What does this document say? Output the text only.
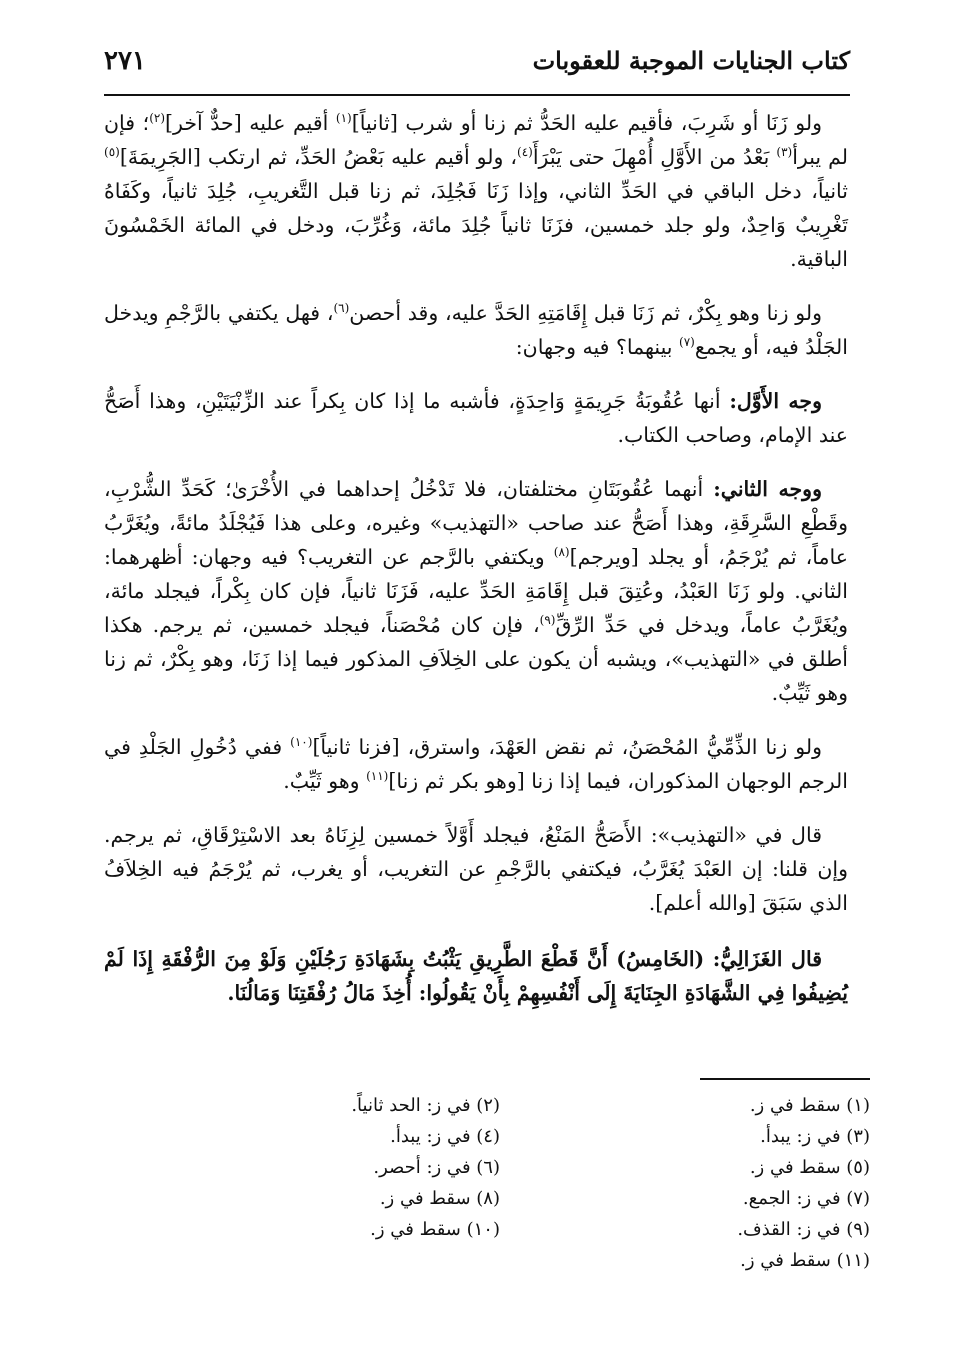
كتاب الجنايات الموجبة للعقوبات
٢٧١

ولو زَنَا أو شَرِبَ، فأقيم عليه الحَدُّ ثم زنا أو شرب [ثانياً]$^{(١)}$ أقيم عليه [حدٌّ آخر]$^{(٢)}$؛ فإن لم يبرأ$^{(٣)}$ بَعْدُ من الأَوَّلِ أُمْهِلَ حتى يَبْرَأَ$^{(٤)}$، ولو أقيم عليه بَعْضُ الحَدِّ، ثم ارتكب [الجَرِيمَةَ]$^{(٥)}$ ثانياً، دخل الباقي في الحَدِّ الثاني، وإذا زَنَا فَجُلِدَ، ثم زنا قبل التَّغريبِ، جُلِدَ ثانياً، وكَفَاهُ تَغْرِيبٌ وَاحِدٌ، ولو جلد خمسين، فزَنَا ثانياً جُلِدَ مائة، وَغُرِّبَ، ودخل في المائة الخَمْسُونَ الباقية.

ولو زنا وهو بِكْرٌ، ثم زَنَا قبل إِقَامَتِهِ الحَدَّ عليه، وقد أحصن$^{(٦)}$، فهل يكتفي بالرَّجْمِ ويدخل الجَلْدُ فيه، أو يجمع$^{(٧)}$ بينهما؟ فيه وجهان:

وجه الأَوَّل: أنها عُقُوبَةُ جَرِيمَةٍ وَاحِدَةٍ، فأشبه ما إذا كان بِكراً عند الزِّنْيَتَيْنِ، وهذا أَصَحُّ عند الإمام، وصاحب الكتاب.

ووجه الثاني: أنهما عُقُوبَتَانِ مختلفتان، فلا تَدْخُلُ إحداهما في الأُخْرَىٰ؛ كَحَدِّ الشُّرْبِ، وقَطْعِ السَّرِقَةِ، وهذا أَصَحُّ عند صاحب «التهذيب» وغيره، وعلى هذا فَيُجْلَدُ مائةً، ويُغَرَّبُ عاماً، ثم يُرْجَمُ، أو يجلد [ويرجم]$^{(٨)}$ ويكتفي بالرَّجم عن التغريب؟ فيه وجهان: أظهرهما: الثاني. ولو زَنَا العَبْدُ، وعُتِقَ قبل إِقَامَةِ الحَدِّ عليه، فَزَنَا ثانياً، فإن كان بِكْراً، فيجلد مائة، ويُغَرَّبُ عاماً، ويدخل في حَدِّ الرِّقِّ$^{(٩)}$، فإن كان مُحْصَناً، فيجلد خمسين، ثم يرجم. هكذا أطلق في «التهذيب»، ويشبه أن يكون على الخِلاَفِ المذكور فيما إذا زَنَا، وهو بِكْرٌ، ثم زنا وهو ثَيِّبٌ.

ولو زنا الذِّمِّيُّ المُحْصَنُ، ثم نقض العَهْدَ، واسترق، [فزنا ثانياً]$^{(١٠)}$ ففي دُخُولِ الجَلْدِ في الرجم الوجهان المذكوران، فيما إذا زنا [وهو بكر ثم زنا]$^{(١١)}$ وهو ثَيِّبٌ.

قال في «التهذيب»: الأَصَحُّ المَنْعُ، فيجلد أَوَّلاً خمسين لِزِنَاهُ بعد الاسْتِرْقَاقِ، ثم يرجم. وإن قلنا: إن العَبْدَ يُغَرَّبُ، فيكتفي بالرَّجْمِ عن التغريب، أو يغرب، ثم يُرْجَمُ فيه الخِلاَفُ الذي سَبَقَ [والله أعلم].

قال الغَزَالِيُّ: (الخَامِسُ) أَنَّ قَطْعَ الطَّرِيقِ يَثْبُتُ بِشَهَادَةِ رَجُلَيْنِ وَلَوْ مِنَ الرُّفْقَةِ إِذَا لَمْ يُضِيفُوا فِي الشَّهَادَةِ الجِنَايَةَ إِلَى أَنْفُسِهِمْ بِأَنْ يَقُولُوا: أُخِذَ مَالُ رُفْقَتِنَا وَمَالُنَا.

(١) سقط في ز.
(٣) في ز: يبدأ.
(٥) سقط في ز.
(٧) في ز: الجمع.
(٩) في ز: القذف.
(١١) سقط في ز.
(٢) في ز: الحد ثانياً.
(٤) في ز: يبدأ.
(٦) في ز: أحصر.
(٨) سقط في ز.
(١٠) سقط في ز.
